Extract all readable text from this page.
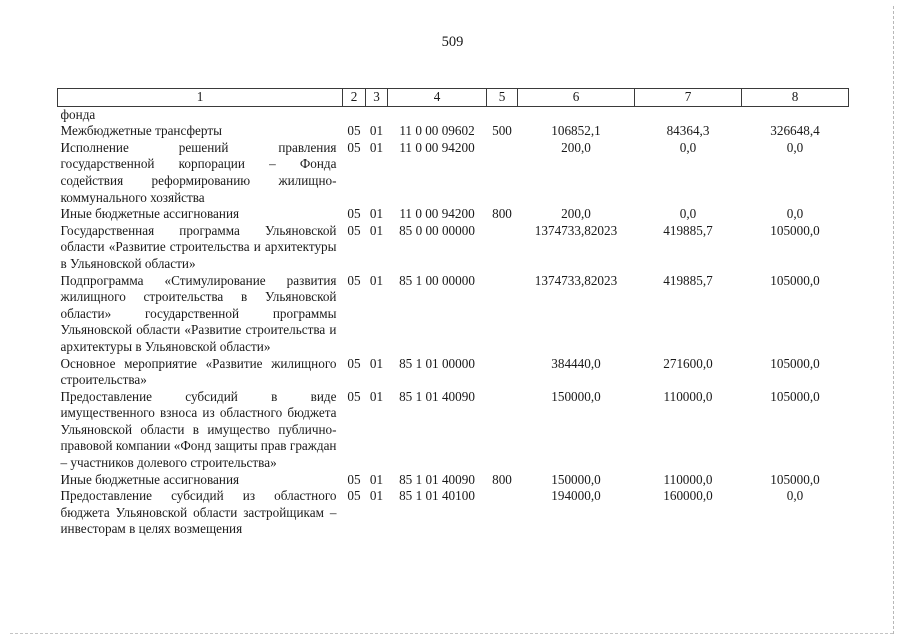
509
1	2	3	4	5	6	7	8
фонда							
Межбюджетные трансферты	05	01	11 0 00 09602	500	106852,1	84364,3	326648,4
Исполнение решений правления государственной корпорации – Фонда содействия реформированию жилищно-коммунального хозяйства	05	01	11 0 00 94200		200,0	0,0	0,0
Иные бюджетные ассигнования	05	01	11 0 00 94200	800	200,0	0,0	0,0
Государственная программа Ульяновской области «Развитие строительства и архитектуры в Ульяновской области»	05	01	85 0 00 00000		1374733,82023	419885,7	105000,0
Подпрограмма «Стимулирование развития жилищного строительства в Ульяновской области» государственной программы Ульяновской области «Развитие строительства и архитектуры в Ульяновской области»	05	01	85 1 00 00000		1374733,82023	419885,7	105000,0
Основное мероприятие «Развитие жилищного строительства»	05	01	85 1 01 00000		384440,0	271600,0	105000,0
Предоставление субсидий в виде имущественного взноса из областного бюджета Ульяновской области в имущество публично-правовой компании «Фонд защиты прав граждан – участников долевого строительства»	05	01	85 1 01 40090		150000,0	110000,0	105000,0
Иные бюджетные ассигнования	05	01	85 1 01 40090	800	150000,0	110000,0	105000,0
Предоставление субсидий из областного бюджета Ульяновской области застройщикам – инвесторам в целях возмещения	05	01	85 1 01 40100		194000,0	160000,0	0,0
